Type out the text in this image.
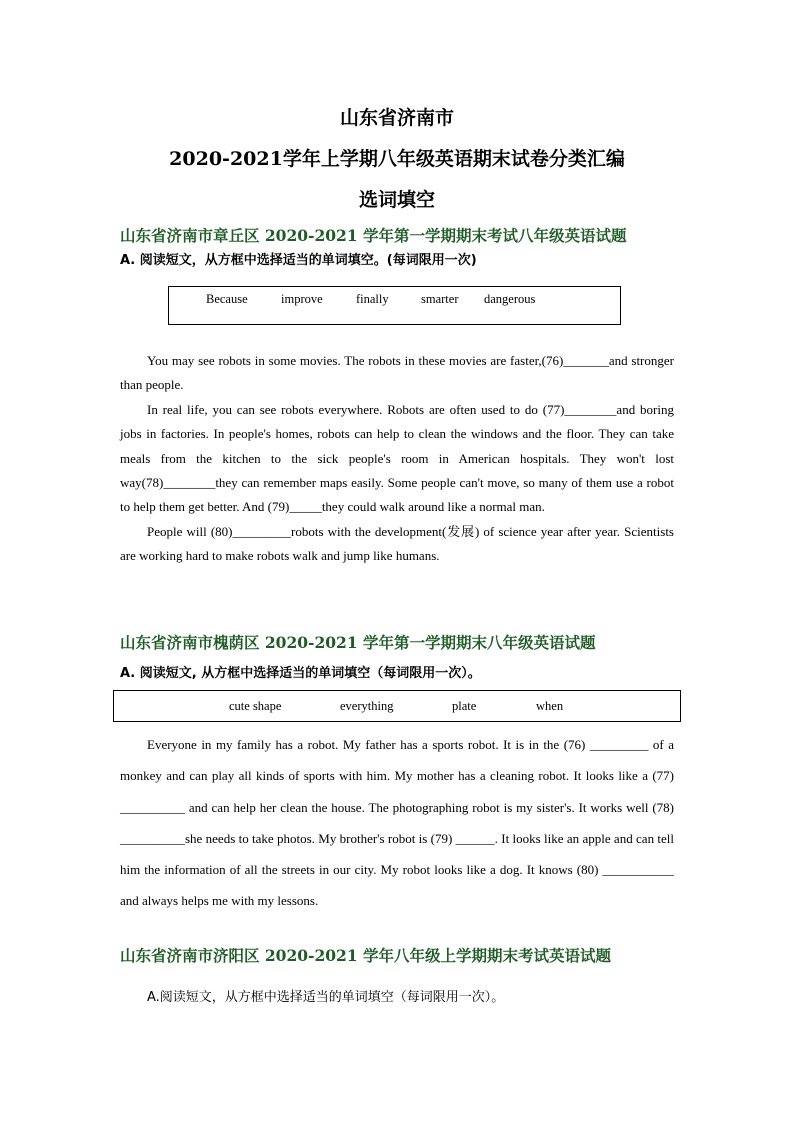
山东省济南市
2020-2021学年上学期八年级英语期末试卷分类汇编
选词填空
山东省济南市章丘区 2020-2021 学年第一学期期末考试八年级英语试题
A. 阅读短文，从方框中选择适当的单词填空。(每词限用一次)
Because	improve	finally	smarter dangerous

You may see robots in some movies. The robots in these movies are faster,(76)_______and stronger than people.

In real life, you can see robots everywhere. Robots are often used to do (77)________and boring jobs in factories. In people's homes, robots can help to clean the windows and the floor. They can take meals from the kitchen to the sick people's room in American hospitals. They won't lost way(78)________they can remember maps easily. Some people can't move, so many of them use a robot to help them get better. And (79)_____they could walk around like a normal man.

People will (80)_________robots with the development(发展) of science year after year. Scientists are working hard to make robots walk and jump like humans.

山东省济南市槐荫区 2020-2021 学年第一学期期末八年级英语试题
A. 阅读短文, 从方框中选择适当的单词填空（每词限用一次）。
cute shape	everything	plate	when

Everyone in my family has a robot. My father has a sports robot. It is in the (76) _________ of a monkey and can play all kinds of sports with him. My mother has a cleaning robot. It looks like a (77) __________ and can help her clean the house. The photographing robot is my sister's. It works well (78) __________she needs to take photos. My brother's robot is (79) ______. It looks like an apple and can tell him the information of all the streets in our city. My robot looks like a dog. It knows (80) ___________ and always helps me with my lessons.

山东省济南市济阳区 2020-2021 学年八年级上学期期末考试英语试题
A.阅读短文，从方框中选择适当的单词填空（每词限用一次）。
